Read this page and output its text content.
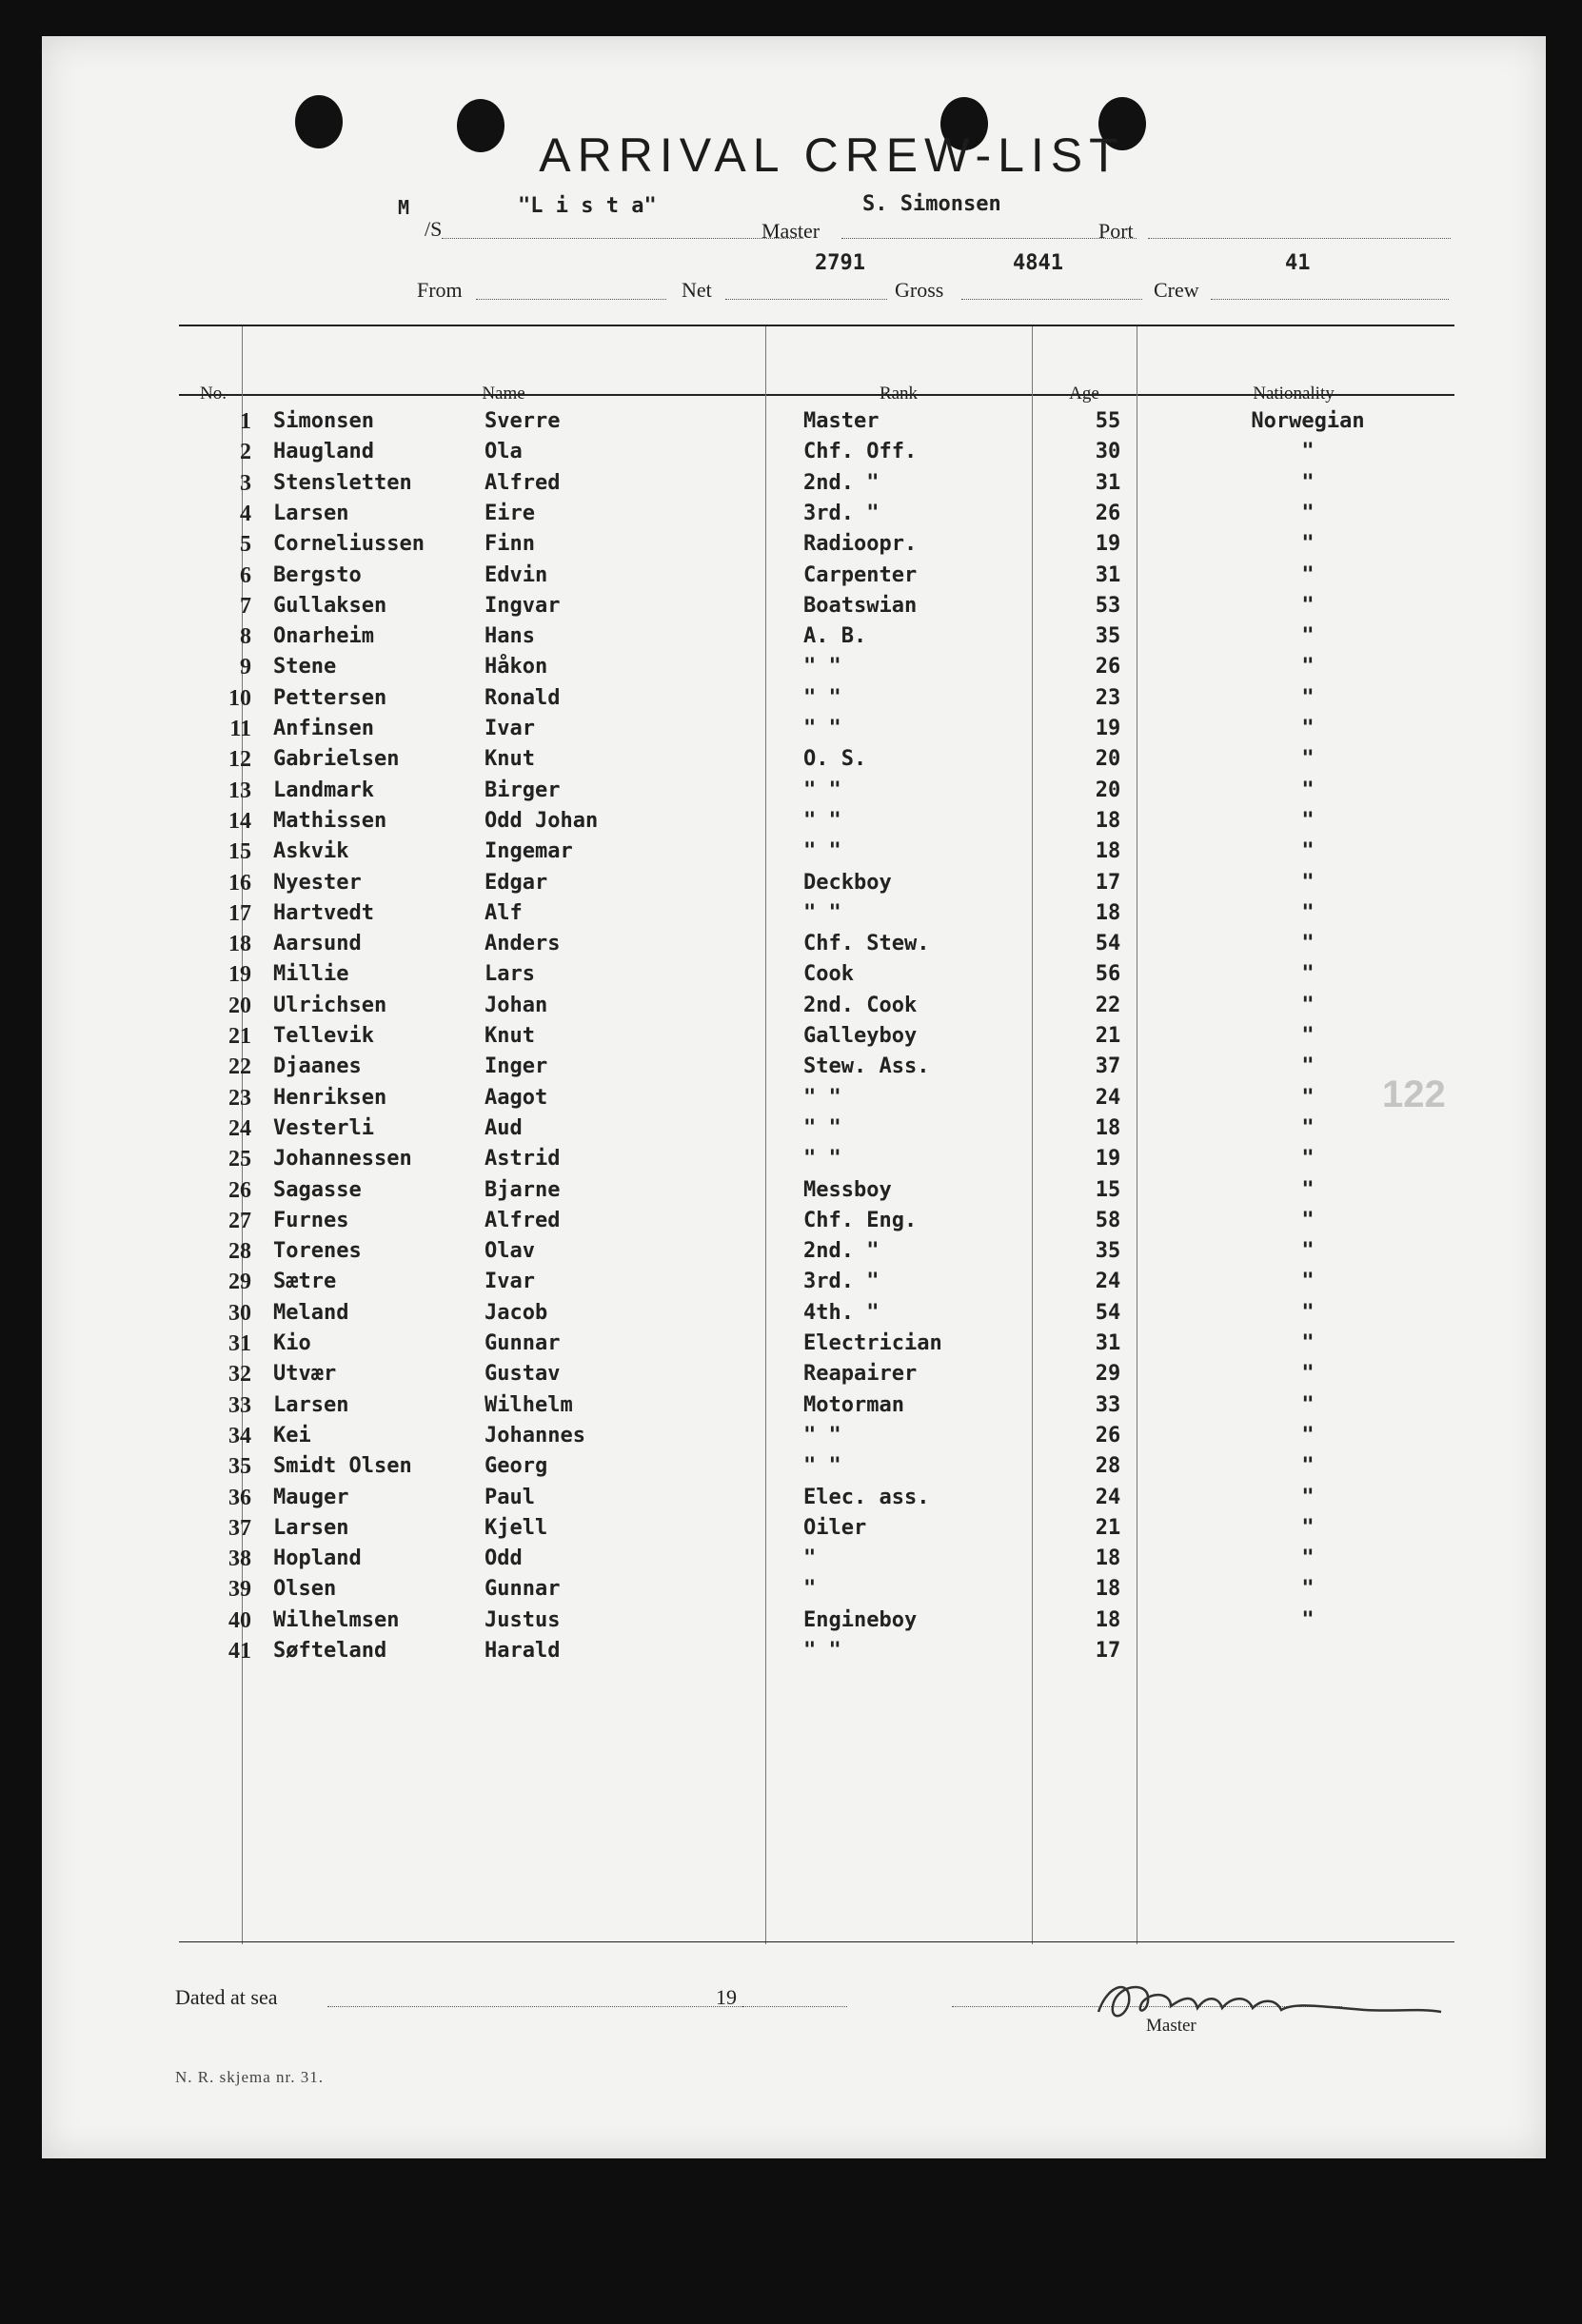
ARRIVAL CREW-LIST
M
/S
"L i s t a"
Master
S. Simonsen
Port
From	Net
2791
Gross
4841
Crew
41
No.	Name	Rank	Age	Nationality
1 Simonsen	Sverre	Master	55	Norwegian
2 Haugland	Ola	Chf. Off.	30	"
3 Stensletten	Alfred	2nd. "	31	"
4 Larsen	Eire	3rd. "	26	"
5 Corneliussen	Finn	Radioopr.	19	"
6 Bergsto	Edvin	Carpenter	31	"
7 Gullaksen	Ingvar	Boatswian	53	"
8 Onarheim	Hans	A. B.	35	"
9 Stene	Håkon	" "	26	"
10 Pettersen	Ronald	" "	23	"
11 Anfinsen	Ivar	" "	19	"
12 Gabrielsen	Knut	O. S.	20	"
13 Landmark	Birger	" "	20	"
14 Mathissen	Odd Johan	" "	18	"
15 Askvik	Ingemar	" "	18	"
16 Nyester	Edgar	Deckboy	17	"
17 Hartvedt	Alf	" "	18	"
18 Aarsund	Anders	Chf. Stew.	54	"
19 Millie	Lars	Cook	56	"
20 Ulrichsen	Johan	2nd. Cook	22	"
21 Tellevik	Knut	Galleyboy	21	"
22 Djaanes	Inger	Stew. Ass.	37	"
23 Henriksen	Aagot	" "	24	"
24 Vesterli	Aud	" "	18	"
25 Johannessen	Astrid	" "	19	"
26 Sagasse	Bjarne	Messboy	15	"
27 Furnes	Alfred	Chf. Eng.	58	"
28 Torenes	Olav	2nd. "	35	"
29 Sætre	Ivar	3rd. "	24	"
30 Meland	Jacob	4th. "	54	"
31 Kio	Gunnar	Electrician	31	"
32 Utvær	Gustav	Reapairer	29	"
33 Larsen	Wilhelm	Motorman	33	"
34 Kei	Johannes	" "	26	"
35 Smidt Olsen	Georg	" "	28	"
36 Mauger	Paul	Elec. ass.	24	"
37 Larsen	Kjell	Oiler	21	"
38 Hopland	Odd	"	18	"
39 Olsen	Gunnar	"	18	"
40 Wilhelmsen	Justus	Engineboy	18	"
41 Søfteland	Harald	" "	17
122
Dated at sea	19
Master
N. R. skjema nr. 31.
